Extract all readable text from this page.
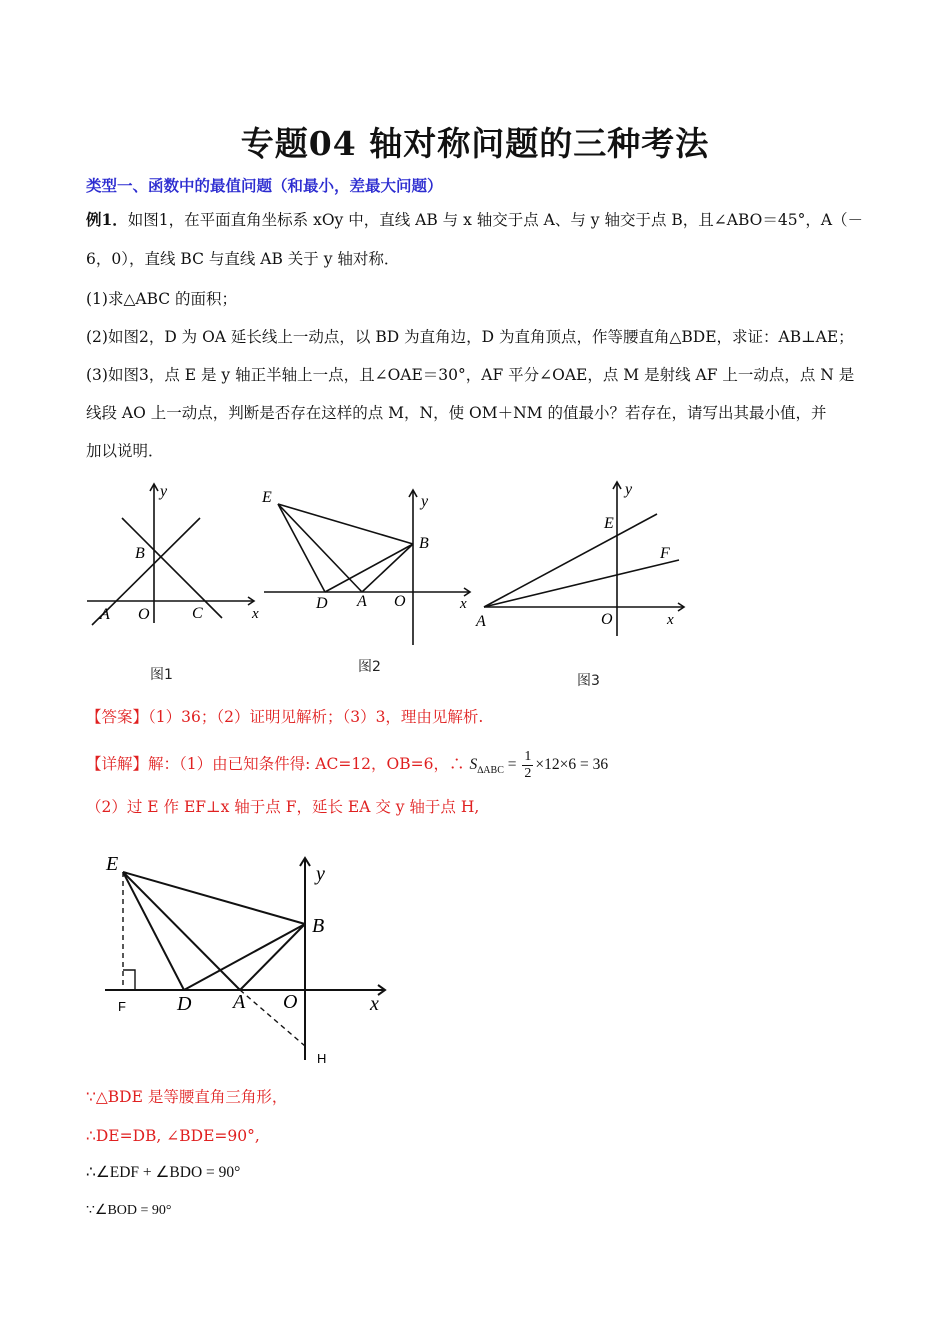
专题04 轴对称问题的三种考法
类型一、函数中的最值问题（和最小，差最大问题）
例1．如图1，在平面直角坐标系 xOy 中，直线 AB 与 x 轴交于点 A、与 y 轴交于点 B，且∠ABO＝45°，A（－
6，0），直线 BC 与直线 AB 关于 y 轴对称．
(1)求△ABC 的面积；
(2)如图2，D 为 OA 延长线上一动点，以 BD 为直角边，D 为直角顶点，作等腰直角△BDE，求证：AB⊥AE；
(3)如图3，点 E 是 y 轴正半轴上一点，且∠OAE＝30°，AF 平分∠OAE，点 M 是射线 AF 上一动点，点 N 是
线段 AO 上一动点，判断是否存在这样的点 M，N，使 OM＋NM 的值最小？若存在，请写出其最小值，并
加以说明．
y
x
B
A O	C
图1
E	y
B
D A O	x
图2
y
E
F
A	O	x
图3
【答案】（1）36；（2）证明见解析；（3）3，理由见解析.
【详解】解：（1）由已知条件得: AC=12，OB=6，∴ $S_{\Delta ABC} = \frac{1}{2} \times 12\times 6 = 36$
（2）过 E 作 EF⊥x 轴于点 F，延长 EA 交 y 轴于点 H,
E	y
B
F	D A O	x
H
∵△BDE 是等腰直角三角形，
∴DE=DB, ∠BDE=90°,
∴∠EDF + ∠BDO = 90°
∵∠BOD = 90°
